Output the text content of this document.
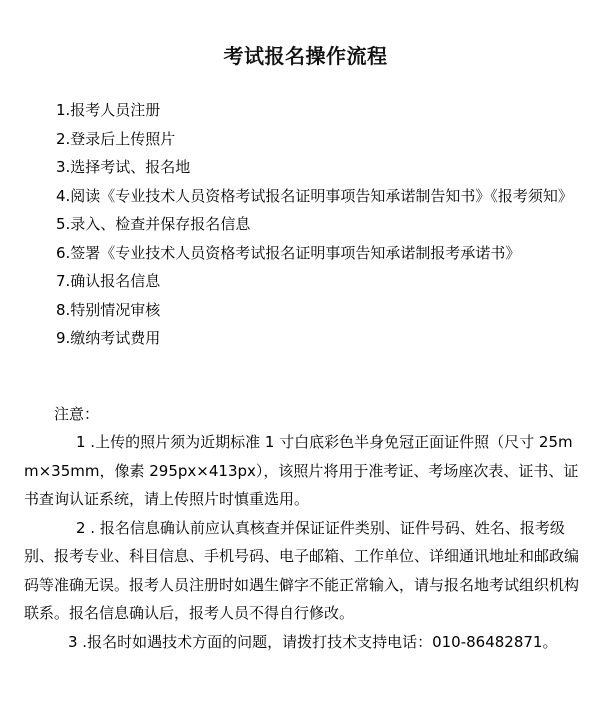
考试报名操作流程
1.报考人员注册
2.登录后上传照片
3.选择考试、报名地
4.阅读《专业技术人员资格考试报名证明事项告知承诺制告知书》《报考须知》
5.录入、检查并保存报名信息
6.签署《专业技术人员资格考试报名证明事项告知承诺制报考承诺书》
7.确认报名信息
8.特别情况审核
9.缴纳考试费用
注意：

1 .上传的照片须为近期标准 1 寸白底彩色半身免冠正面证件照（尺寸 25mm×35mm，像素 295px×413px），该照片将用于准考证、考场座次表、证书、证书查询认证系统，请上传照片时慎重选用。

2 . 报名信息确认前应认真核查并保证证件类别、证件号码、姓名、报考级别、报考专业、科目信息、手机号码、电子邮箱、工作单位、详细通讯地址和邮政编码等准确无误。报考人员注册时如遇生僻字不能正常输入，请与报名地考试组织机构联系。报名信息确认后，报考人员不得自行修改。

3 .报名时如遇技术方面的问题，请拨打技术支持电话：010-86482871。
